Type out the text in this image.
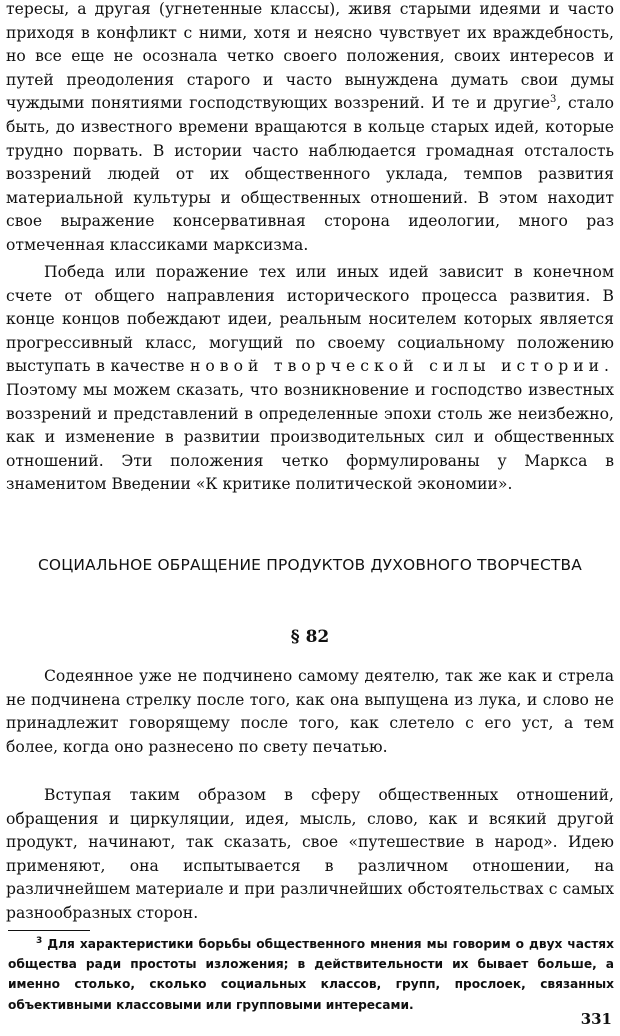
тересы, а другая (угнетенные классы), живя старыми идеями и часто приходя в конфликт с ними, хотя и неясно чувствует их враждебность, но все еще не осознала четко своего положения, своих интересов и путей преодоления старого и часто вынуждена думать свои думы чуждыми понятиями господствующих воззрений. И те и другие$^3$, стало быть, до известного времени вращаются в кольце старых идей, которые трудно порвать. В истории часто наблюдается громадная отсталость воззрений людей от их общественного уклада, темпов развития материальной культуры и общественных отношений. В этом находит свое выражение консервативная сторона идеологии, много раз отмеченная классиками марксизма.

Победа или поражение тех или иных идей зависит в конечном счете от общего направления исторического процесса развития. В конце концов побеждают идеи, реальным носителем которых является прогрессивный класс, могущий по своему социальному положению выступать в качестве новой творческой силы истории. Поэтому мы можем сказать, что возникновение и господство известных воззрений и представлений в определенные эпохи столь же неизбежно, как и изменение в развитии производительных сил и общественных отношений. Эти положения четко формулированы у Маркса в знаменитом Введении «К критике политической экономии».

СОЦИАЛЬНОЕ ОБРАЩЕНИЕ ПРОДУКТОВ ДУХОВНОГО ТВОРЧЕСТВА

§ 82

Содеянное уже не подчинено самому деятелю, так же как и стрела не подчинена стрелку после того, как она выпущена из лука, и слово не принадлежит говорящему после того, как слетело с его уст, а тем более, когда оно разнесено по свету печатью.

Вступая таким образом в сферу общественных отношений, обращения и циркуляции, идея, мысль, слово, как и всякий другой продукт, начинают, так сказать, свое «путешествие в народ». Идею применяют, она испытывается в различном отношении, на различнейшем материале и при различнейших обстоятельствах с самых разнообразных сторон.

$^3$ Для характеристики борьбы общественного мнения мы говорим о двух частях общества ради простоты изложения; в действительности их бывает больше, а именно столько, сколько социальных классов, групп, прослоек, связанных объективными классовыми или групповыми интересами.

331
